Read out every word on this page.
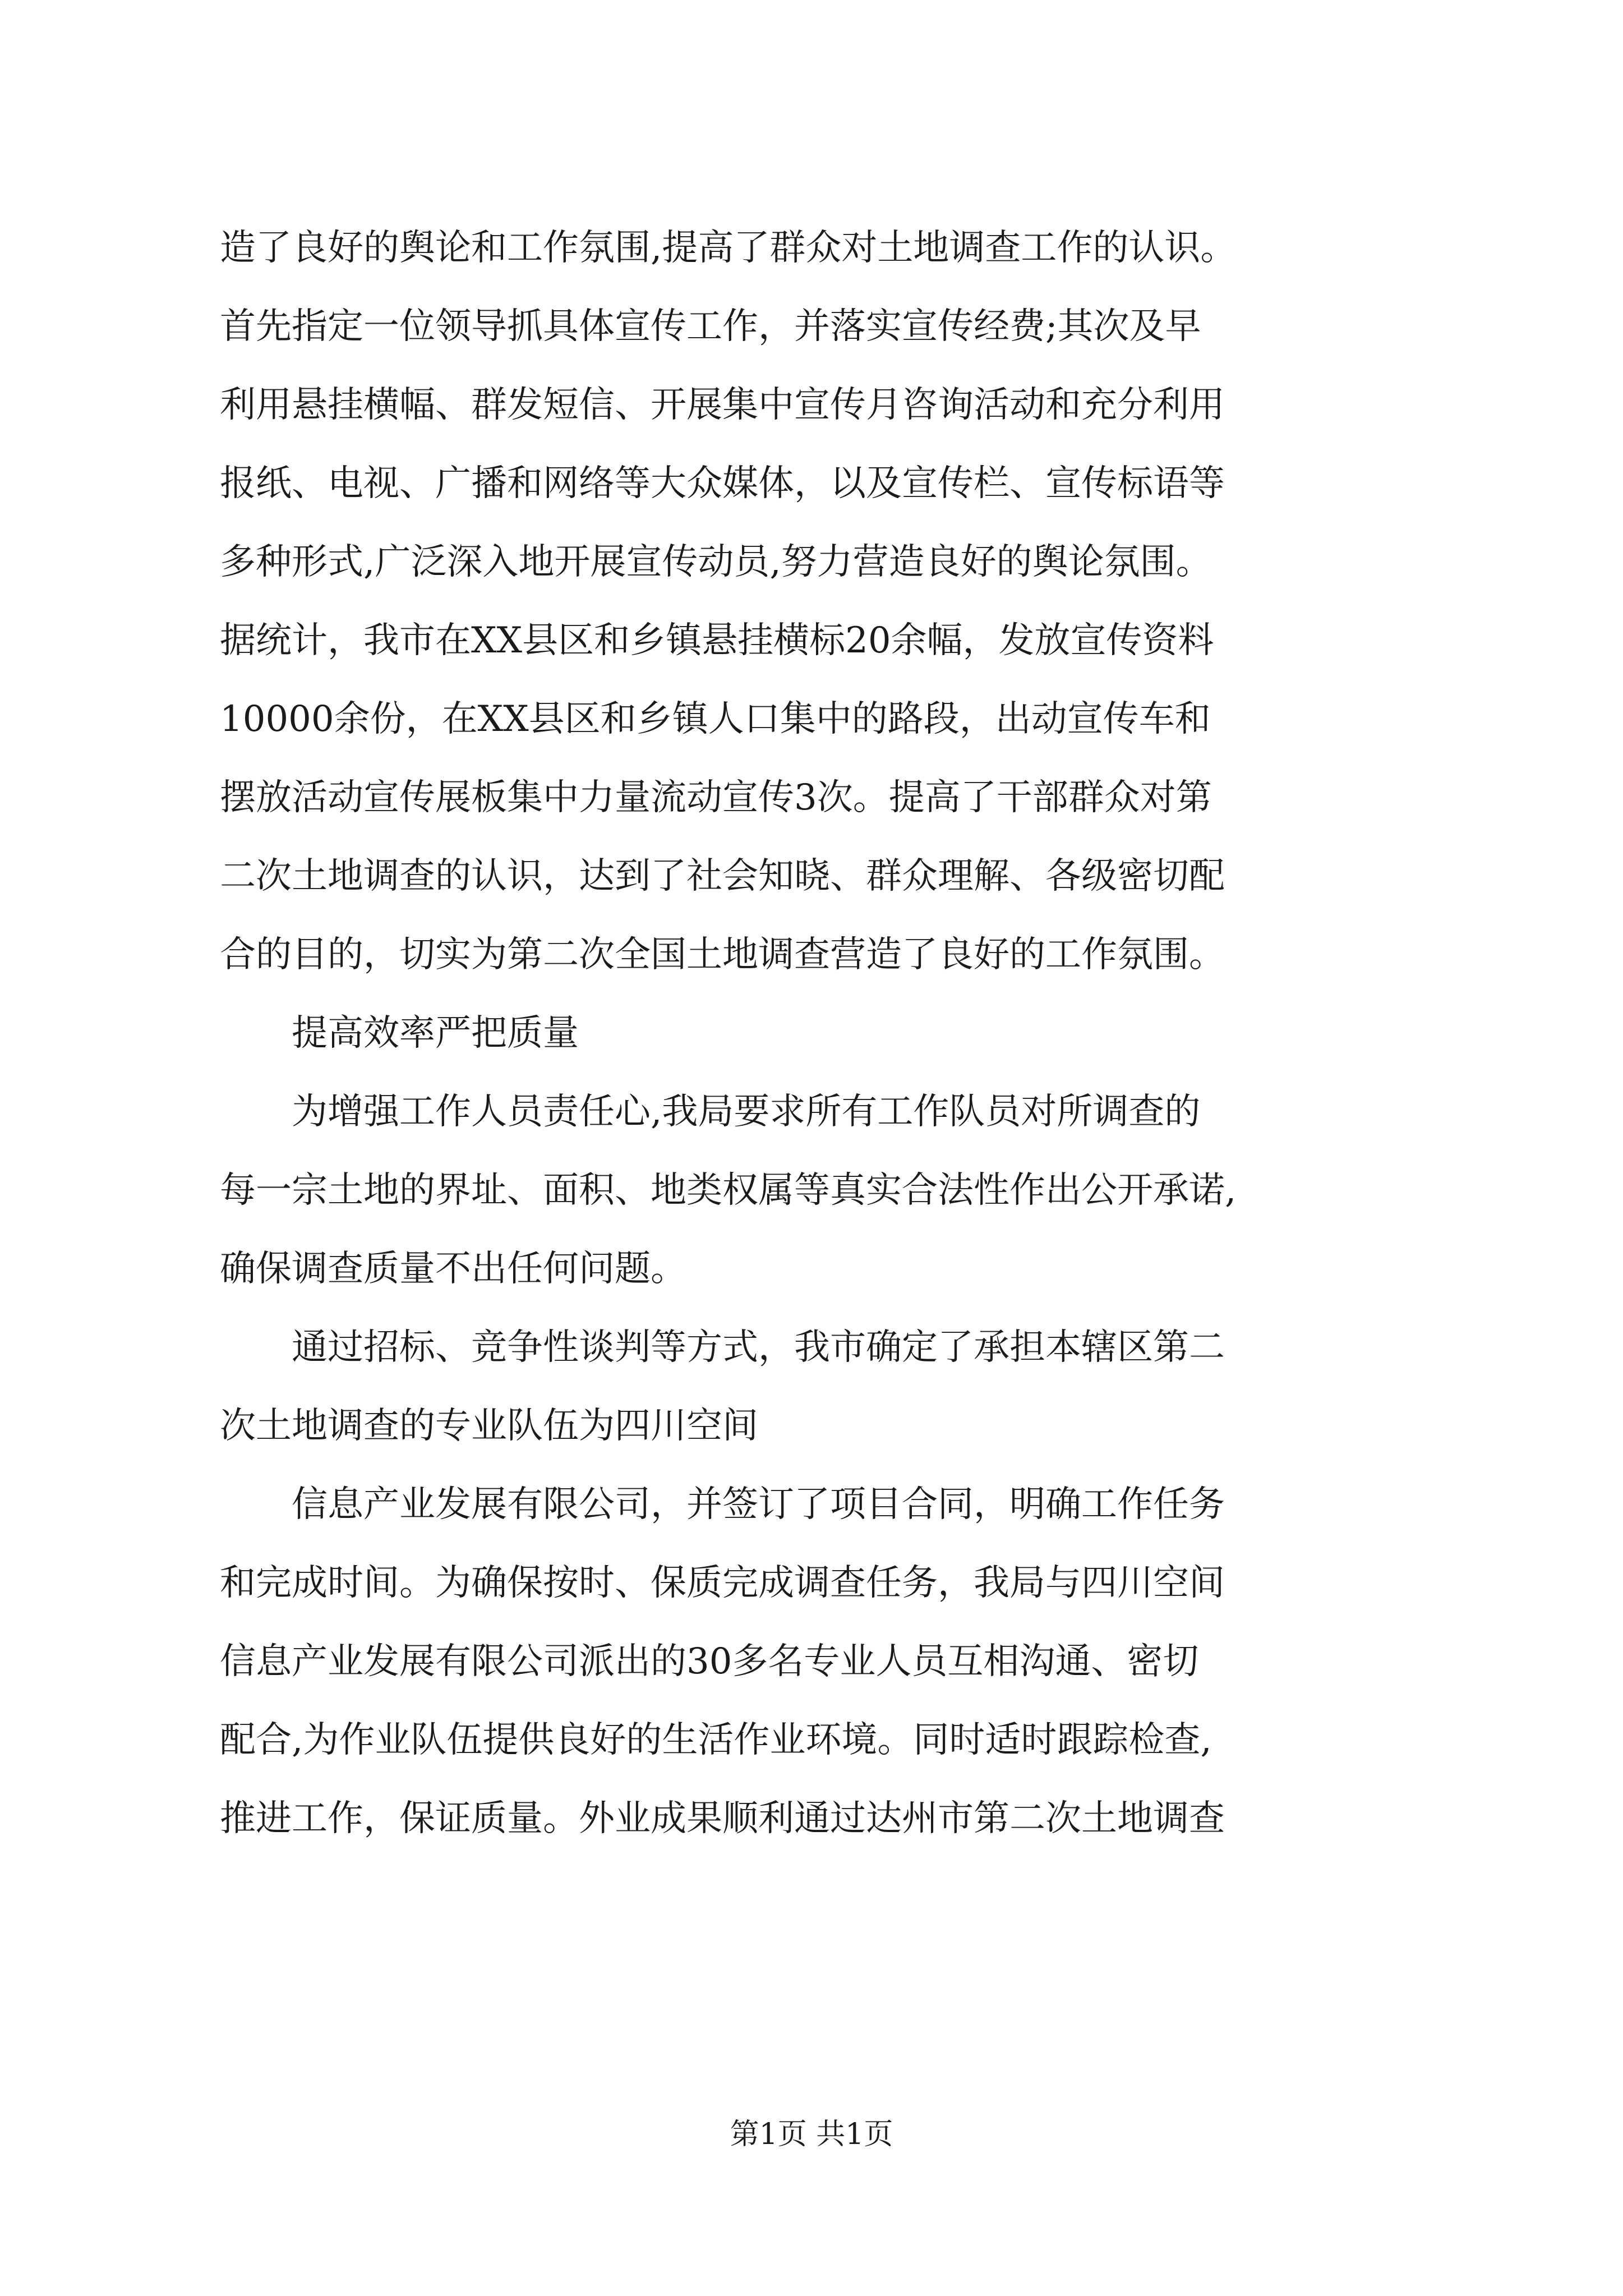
造了良好的舆论和工作氛围,提高了群众对土地调查工作的认识。
首先指定一位领导抓具体宣传工作，并落实宣传经费;其次及早
利用悬挂横幅、群发短信、开展集中宣传月咨询活动和充分利用
报纸、电视、广播和网络等大众媒体，以及宣传栏、宣传标语等
多种形式,广泛深入地开展宣传动员,努力营造良好的舆论氛围。
据统计，我市在XX县区和乡镇悬挂横标20余幅，发放宣传资料
10000余份，在XX县区和乡镇人口集中的路段，出动宣传车和
摆放活动宣传展板集中力量流动宣传3次。提高了干部群众对第
二次土地调查的认识，达到了社会知晓、群众理解、各级密切配
合的目的，切实为第二次全国土地调查营造了良好的工作氛围。
提高效率严把质量
为增强工作人员责任心,我局要求所有工作队员对所调查的
每一宗土地的界址、面积、地类权属等真实合法性作出公开承诺,
确保调查质量不出任何问题。
通过招标、竞争性谈判等方式，我市确定了承担本辖区第二
次土地调查的专业队伍为四川空间
信息产业发展有限公司，并签订了项目合同，明确工作任务
和完成时间。为确保按时、保质完成调查任务，我局与四川空间
信息产业发展有限公司派出的30多名专业人员互相沟通、密切
配合,为作业队伍提供良好的生活作业环境。同时适时跟踪检查,
推进工作，保证质量。外业成果顺利通过达州市第二次土地调查
第1页 共1页
